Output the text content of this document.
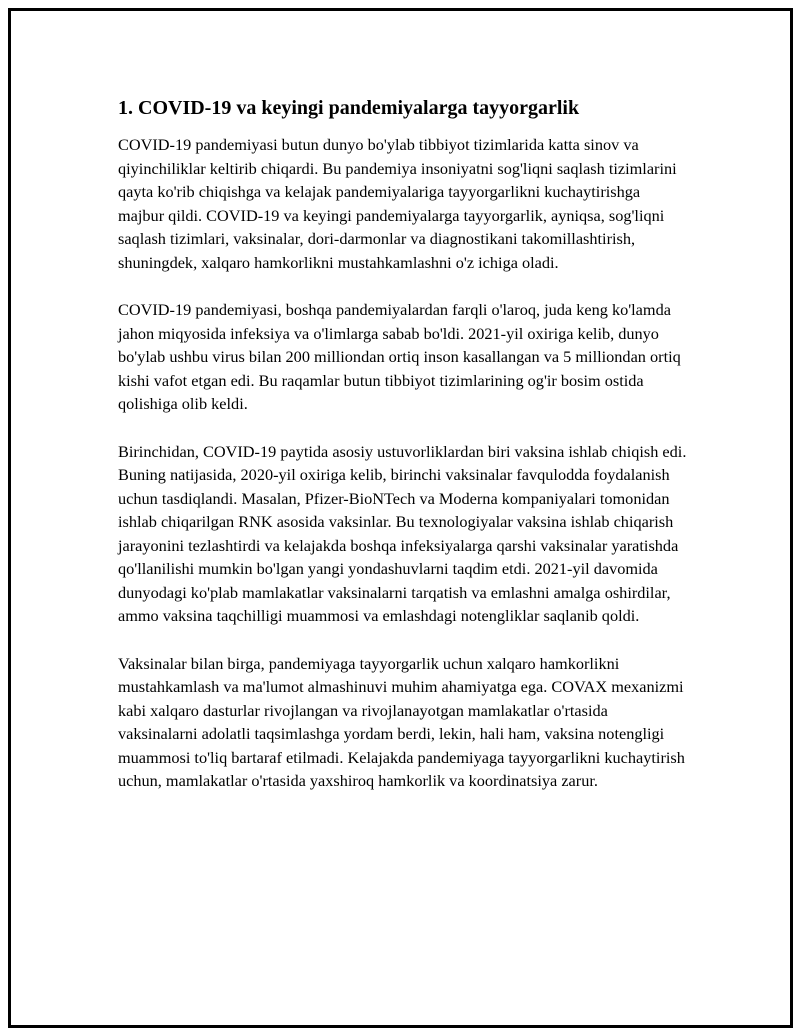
1. COVID-19 va keyingi pandemiyalarga tayyorgarlik

COVID-19 pandemiyasi butun dunyo bo'ylab tibbiyot tizimlarida katta sinov va qiyinchiliklar keltirib chiqardi. Bu pandemiya insoniyatni sog'liqni saqlash tizimlarini qayta ko'rib chiqishga va kelajak pandemiyalariga tayyorgarlikni kuchaytirishga majbur qildi. COVID-19 va keyingi pandemiyalarga tayyorgarlik, ayniqsa, sog'liqni saqlash tizimlari, vaksinalar, dori-darmonlar va diagnostikani takomillashtirish, shuningdek, xalqaro hamkorlikni mustahkamlashni o'z ichiga oladi.

COVID-19 pandemiyasi, boshqa pandemiyalardan farqli o'laroq, juda keng ko'lamda jahon miqyosida infeksiya va o'limlarga sabab bo'ldi. 2021-yil oxiriga kelib, dunyo bo'ylab ushbu virus bilan 200 milliondan ortiq inson kasallangan va 5 milliondan ortiq kishi vafot etgan edi. Bu raqamlar butun tibbiyot tizimlarining og'ir bosim ostida qolishiga olib keldi.

Birinchidan, COVID-19 paytida asosiy ustuvorliklardan biri vaksina ishlab chiqish edi. Buning natijasida, 2020-yil oxiriga kelib, birinchi vaksinalar favqulodda foydalanish uchun tasdiqlandi. Masalan, Pfizer-BioNTech va Moderna kompaniyalari tomonidan ishlab chiqarilgan RNK asosida vaksinlar. Bu texnologiyalar vaksina ishlab chiqarish jarayonini tezlashtirdi va kelajakda boshqa infeksiyalarga qarshi vaksinalar yaratishda qo'llanilishi mumkin bo'lgan yangi yondashuvlarni taqdim etdi. 2021-yil davomida dunyodagi ko'plab mamlakatlar vaksinalarni tarqatish va emlashni amalga oshirdilar, ammo vaksina taqchilligi muammosi va emlashdagi notengliklar saqlanib qoldi.

Vaksinalar bilan birga, pandemiyaga tayyorgarlik uchun xalqaro hamkorlikni mustahkamlash va ma'lumot almashinuvi muhim ahamiyatga ega. COVAX mexanizmi kabi xalqaro dasturlar rivojlangan va rivojlanayotgan mamlakatlar o'rtasida vaksinalarni adolatli taqsimlashga yordam berdi, lekin, hali ham, vaksina notengligi muammosi to'liq bartaraf etilmadi. Kelajakda pandemiyaga tayyorgarlikni kuchaytirish uchun, mamlakatlar o'rtasida yaxshiroq hamkorlik va koordinatsiya zarur.
